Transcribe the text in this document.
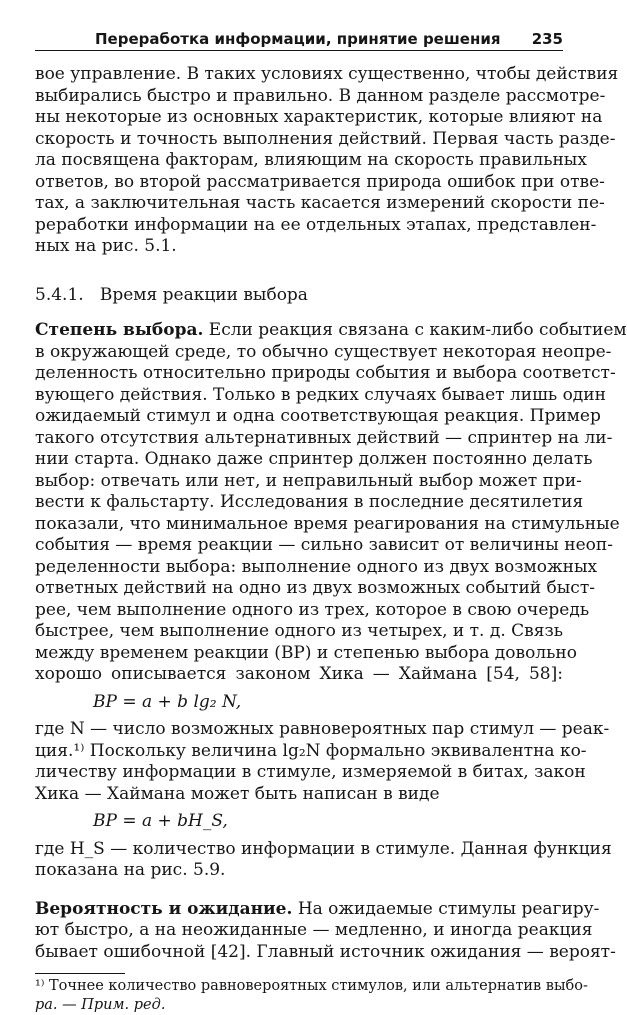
Переработка информации, принятие решения 235
вое управление. В таких условиях существенно, чтобы действия
выбирались быстро и правильно. В данном разделе рассмотре-
ны некоторые из основных характеристик, которые влияют на
скорость и точность выполнения действий. Первая часть разде-
ла посвящена факторам, влияющим на скорость правильных
ответов, во второй рассматривается природа ошибок при отве-
тах, а заключительная часть касается измерений скорости пе-
реработки информации на ее отдельных этапах, представлен-
ных на рис. 5.1.
5.4.1.   Время реакции выбора
Степень выбора. Если реакция связана с каким-либо событием
в окружающей среде, то обычно существует некоторая неопре-
деленность относительно природы события и выбора соответст-
вующего действия. Только в редких случаях бывает лишь один
ожидаемый стимул и одна соответствующая реакция. Пример
такого отсутствия альтернативных действий — спринтер на ли-
нии старта. Однако даже спринтер должен постоянно делать
выбор: отвечать или нет, и неправильный выбор может при-
вести к фальстарту. Исследования в последние десятилетия
показали, что минимальное время реагирования на стимульные
события — время реакции — сильно зависит от величины неоп-
ределенности выбора: выполнение одного из двух возможных
ответных действий на одно из двух возможных событий быст-
рее, чем выполнение одного из трех, которое в свою очередь
быстрее, чем выполнение одного из четырех, и т. д. Связь
между временем реакции (ВР) и степенью выбора довольно
хорошо описывается законом Хика — Хаймана [54, 58]:
ВР = a + b lg₂ N,
где N — число возможных равновероятных пар стимул — реак-
ция.¹⁾ Поскольку величина lg₂N формально эквивалентна ко-
личеству информации в стимуле, измеряемой в битах, закон
Хика — Хаймана может быть написан в виде
ВР = a + bH_S,
где H_S — количество информации в стимуле. Данная функция
показана на рис. 5.9.
Вероятность и ожидание. На ожидаемые стимулы реагиру-
ют быстро, а на неожиданные — медленно, и иногда реакция
бывает ошибочной [42]. Главный источник ожидания — вероят-
¹⁾ Точнее количество равновероятных стимулов, или альтернатив выбо-
ра. — Прим. ред.
